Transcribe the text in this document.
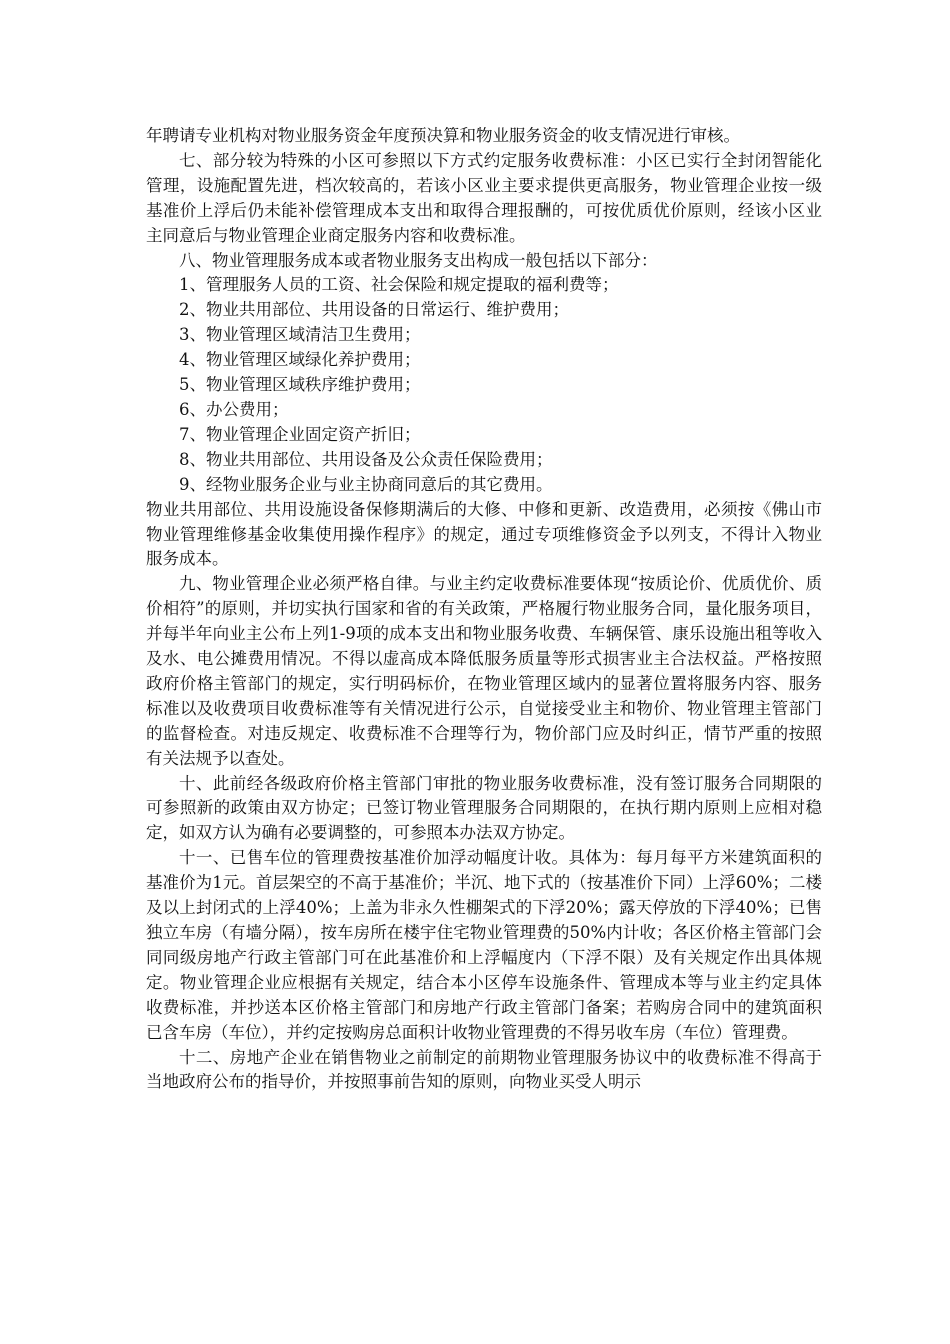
年聘请专业机构对物业服务资金年度预决算和物业服务资金的收支情况进行审核。

七、部分较为特殊的小区可参照以下方式约定服务收费标准：小区已实行全封闭智能化管理，设施配置先进，档次较高的，若该小区业主要求提供更高服务，物业管理企业按一级基准价上浮后仍未能补偿管理成本支出和取得合理报酬的，可按优质优价原则，经该小区业主同意后与物业管理企业商定服务内容和收费标准。

八、物业管理服务成本或者物业服务支出构成一般包括以下部分：

1、管理服务人员的工资、社会保险和规定提取的福利费等；

2、物业共用部位、共用设备的日常运行、维护费用；

3、物业管理区域清洁卫生费用；

4、物业管理区域绿化养护费用；

5、物业管理区域秩序维护费用；

6、办公费用；

7、物业管理企业固定资产折旧；

8、物业共用部位、共用设备及公众责任保险费用；

9、经物业服务企业与业主协商同意后的其它费用。

物业共用部位、共用设施设备保修期满后的大修、中修和更新、改造费用，必须按《佛山市物业管理维修基金收集使用操作程序》的规定，通过专项维修资金予以列支，不得计入物业服务成本。

九、物业管理企业必须严格自律。与业主约定收费标准要体现“按质论价、优质优价、质价相符”的原则，并切实执行国家和省的有关政策，严格履行物业服务合同，量化服务项目，并每半年向业主公布上列1-9项的成本支出和物业服务收费、车辆保管、康乐设施出租等收入及水、电公摊费用情况。不得以虚高成本降低服务质量等形式损害业主合法权益。严格按照政府价格主管部门的规定，实行明码标价，在物业管理区域内的显著位置将服务内容、服务标准以及收费项目收费标准等有关情况进行公示，自觉接受业主和物价、物业管理主管部门的监督检查。对违反规定、收费标准不合理等行为，物价部门应及时纠正，情节严重的按照有关法规予以查处。

十、此前经各级政府价格主管部门审批的物业服务收费标准，没有签订服务合同期限的可参照新的政策由双方协定；已签订物业管理服务合同期限的，在执行期内原则上应相对稳定，如双方认为确有必要调整的，可参照本办法双方协定。

十一、已售车位的管理费按基准价加浮动幅度计收。具体为：每月每平方米建筑面积的基准价为1元。首层架空的不高于基准价；半沉、地下式的（按基准价下同）上浮60%；二楼及以上封闭式的上浮40%；上盖为非永久性棚架式的下浮20%；露天停放的下浮40%；已售独立车房（有墙分隔），按车房所在楼宇住宅物业管理费的50%内计收；各区价格主管部门会同同级房地产行政主管部门可在此基准价和上浮幅度内（下浮不限）及有关规定作出具体规定。物业管理企业应根据有关规定，结合本小区停车设施条件、管理成本等与业主约定具体收费标准，并抄送本区价格主管部门和房地产行政主管部门备案；若购房合同中的建筑面积已含车房（车位），并约定按购房总面积计收物业管理费的不得另收车房（车位）管理费。

十二、房地产企业在销售物业之前制定的前期物业管理服务协议中的收费标准不得高于当地政府公布的指导价，并按照事前告知的原则，向物业买受人明示
